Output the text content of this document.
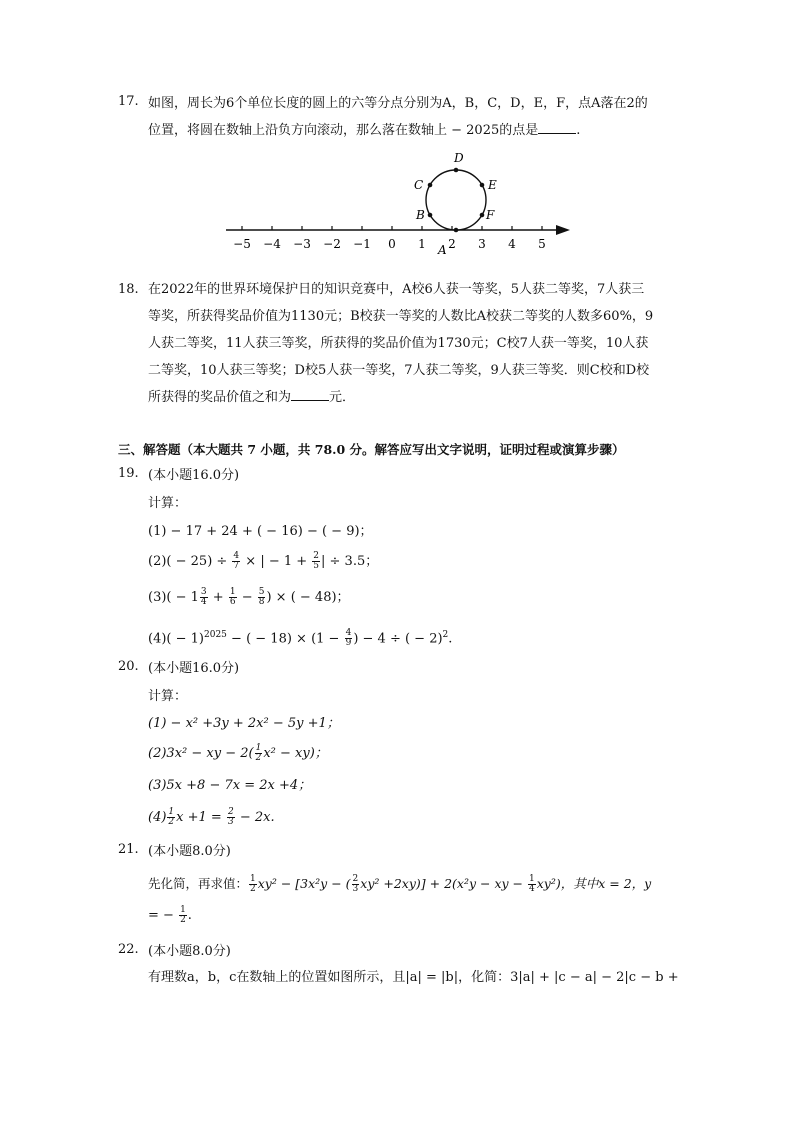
17. 如图，周长为6个单位长度的圆上的六等分点分别为A，B，C，D，E，F，点A落在2的
位置，将圆在数轴上沿负方向滚动，那么落在数轴上 − 2025的点是	.
−5 −4 −3 −2 −1 0 1 2 3 4 5
A
B
C
D
E
F
18. 在2022年的世界环境保护日的知识竞赛中，A校6人获一等奖，5人获二等奖，7人获三
等奖，所获得奖品价值为1130元；B校获一等奖的人数比A校获二等奖的人数多60%，9
人获二等奖，11人获三等奖，所获得的奖品价值为1730元；C校7人获一等奖，10人获
二等奖，10人获三等奖；D校5人获一等奖，7人获二等奖，9人获三等奖．则C校和D校
所获得的奖品价值之和为	元．
三、解答题（本大题共 7 小题，共 78.0 分。解答应写出文字说明，证明过程或演算步骤）
19. (本小题16.0分)
计算：
(1) − 17 + 24 + ( − 16) − ( − 9)；
$(2)( - 25) \div \frac{4}{7}$ × | − $1 + \frac{2}{5}$ | ÷ 3.5；
$(3)( - 1 \frac{3}{4} + \frac{1}{6} - \frac{5}{8}$ ) × ( − 48)；
$(4)( - 1)^{2025}$ − ( − $18) \times (1 - \frac{4}{9}$ ) − 4 ÷ ( − 2)$^2$.
20. (本小题16.0分)
计算：
(1) − x² +3y + 2x² − 5y +1；
(2)3x² − xy − $2( \frac{1}{2} x^2 - xy)$；
(3)5x +8 − 7x = 2x +4；
$(4) \frac{1}{2}$ $x +1 = \frac{2}{3} - 2x$.
21. (本小题8.0分)
先化简，再求值： $\frac{1}{2} xy^2 - [3x^2y$ − ( $\frac{2}{3} xy^2 +2xy)] + 2(x^2y$ − xy − $\frac{1}{4} xy^2$)，其中x = 2，y
= − $\frac{1}{2}$ .
22. (本小题8.0分)
有理数a，b，c在数轴上的位置如图所示，且|a| = |b|，化简：3|a| + |c − a| − 2|c − b +
